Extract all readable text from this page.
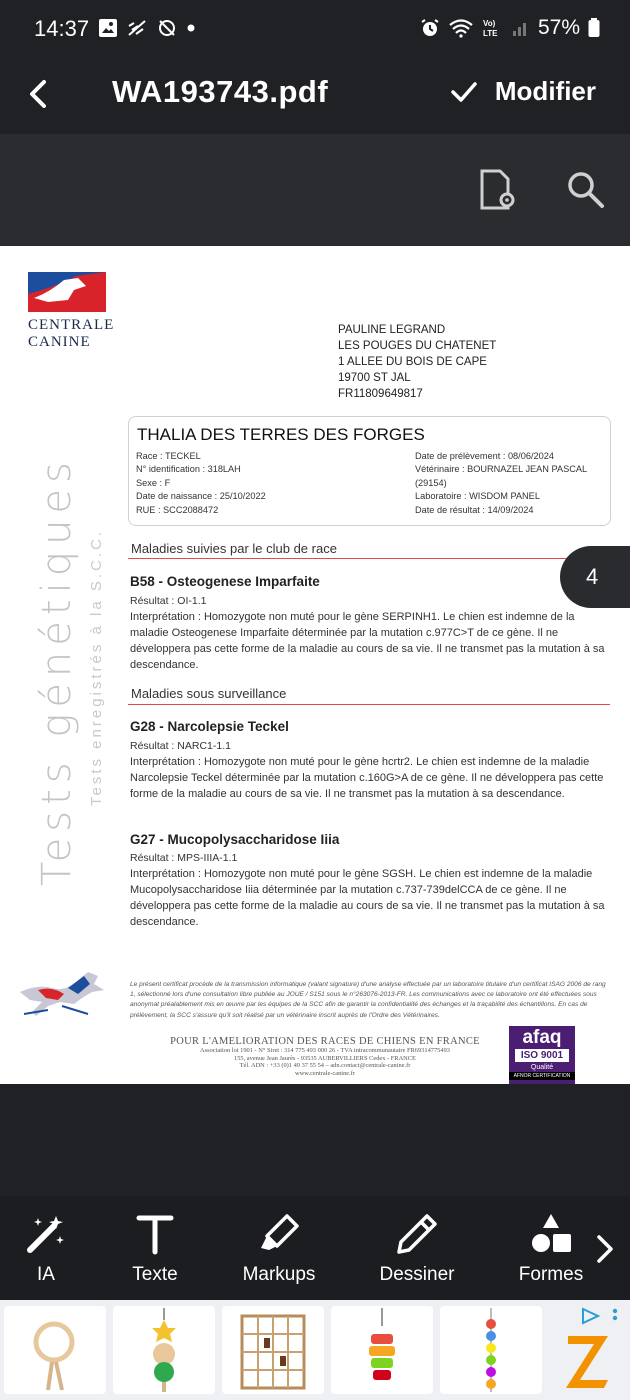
14:37	Vo)
LTE 57%
WA193743.pdf	Modifier
CENTRALE
CANINE
PAULINE LEGRAND
LES POUGES DU CHATENET
1 ALLEE DU BOIS DE CAPE
19700 ST JAL
FR11809649817
Tests génétiques Tests enregistrés à la S.C.C.
THALIA DES TERRES DES FORGES
Race : TECKEL
N° identification : 318LAH
Sexe : F
Date de naissance : 25/10/2022
RUE : SCC2088472
Date de prélèvement : 08/06/2024
Vétérinaire : BOURNAZEL JEAN PASCAL
(29154)
Laboratoire : WISDOM PANEL
Date de résultat : 14/09/2024
Maladies suivies par le club de race
B58 - Osteogenese Imparfaite
Résultat : OI-1.1
Interprétation : Homozygote non muté pour le gène SERPINH1. Le chien est indemne de la maladie Osteogenese Imparfaite déterminée par la mutation c.977C>T de ce gène. Il ne développera pas cette forme de la maladie au cours de sa vie. Il ne transmet pas la mutation à sa descendance.
Maladies sous surveillance
G28 - Narcolepsie Teckel
Résultat : NARC1-1.1
Interprétation : Homozygote non muté pour le gène hcrtr2. Le chien est indemne de la maladie Narcolepsie Teckel déterminée par la mutation c.160G>A de ce gène. Il ne développera pas cette forme de la maladie au cours de sa vie. Il ne transmet pas la mutation à sa descendance.
G27 - Mucopolysaccharidose Iiia
Résultat : MPS-IIIA-1.1
Interprétation : Homozygote non muté pour le gène SGSH. Le chien est indemne de la maladie Mucopolysaccharidose Iiia déterminée par la mutation c.737-739delCCA de ce gène. Il ne développera pas cette forme de la maladie au cours de sa vie. Il ne transmet pas la mutation à sa descendance.
Le présent certificat procède de la transmission informatique (valant signature) d'une analyse effectuée par un laboratoire titulaire d'un certificat ISAG 2006 de rang 1, sélectionné lors d'une consultation libre publiée au JOUE / S151 sous le n°263076-2013-FR. Les communications avec ce laboratoire ont été effectuées sous anonymat préalablement mis en œuvre par les équipes de la SCC afin de garantir la confidentialité des échanges et la traçabilité des échantillons. En cas de prélèvement, la SCC s'assure qu'il soit réalisé par un vétérinaire inscrit auprès de l'Ordre des Vétérinaires.
POUR L'AMELIORATION DES RACES DE CHIENS EN FRANCE
Association loi 1901 - N° Siret : 314 775 493 000 26 - TVA intracommunautaire FR69314775493
155, avenue Jean Jaurès - 93535 AUBERVILLIERS Cedex - FRANCE
Tél. ADN : +33 (0)1 49 37 55 54 – adn.contact@centrale-canine.fr
www.centrale-canine.fr
afaq
ISO 9001
Qualité
AFNOR CERTIFICATION
4
IA	Texte	Markups	Dessiner	Formes
